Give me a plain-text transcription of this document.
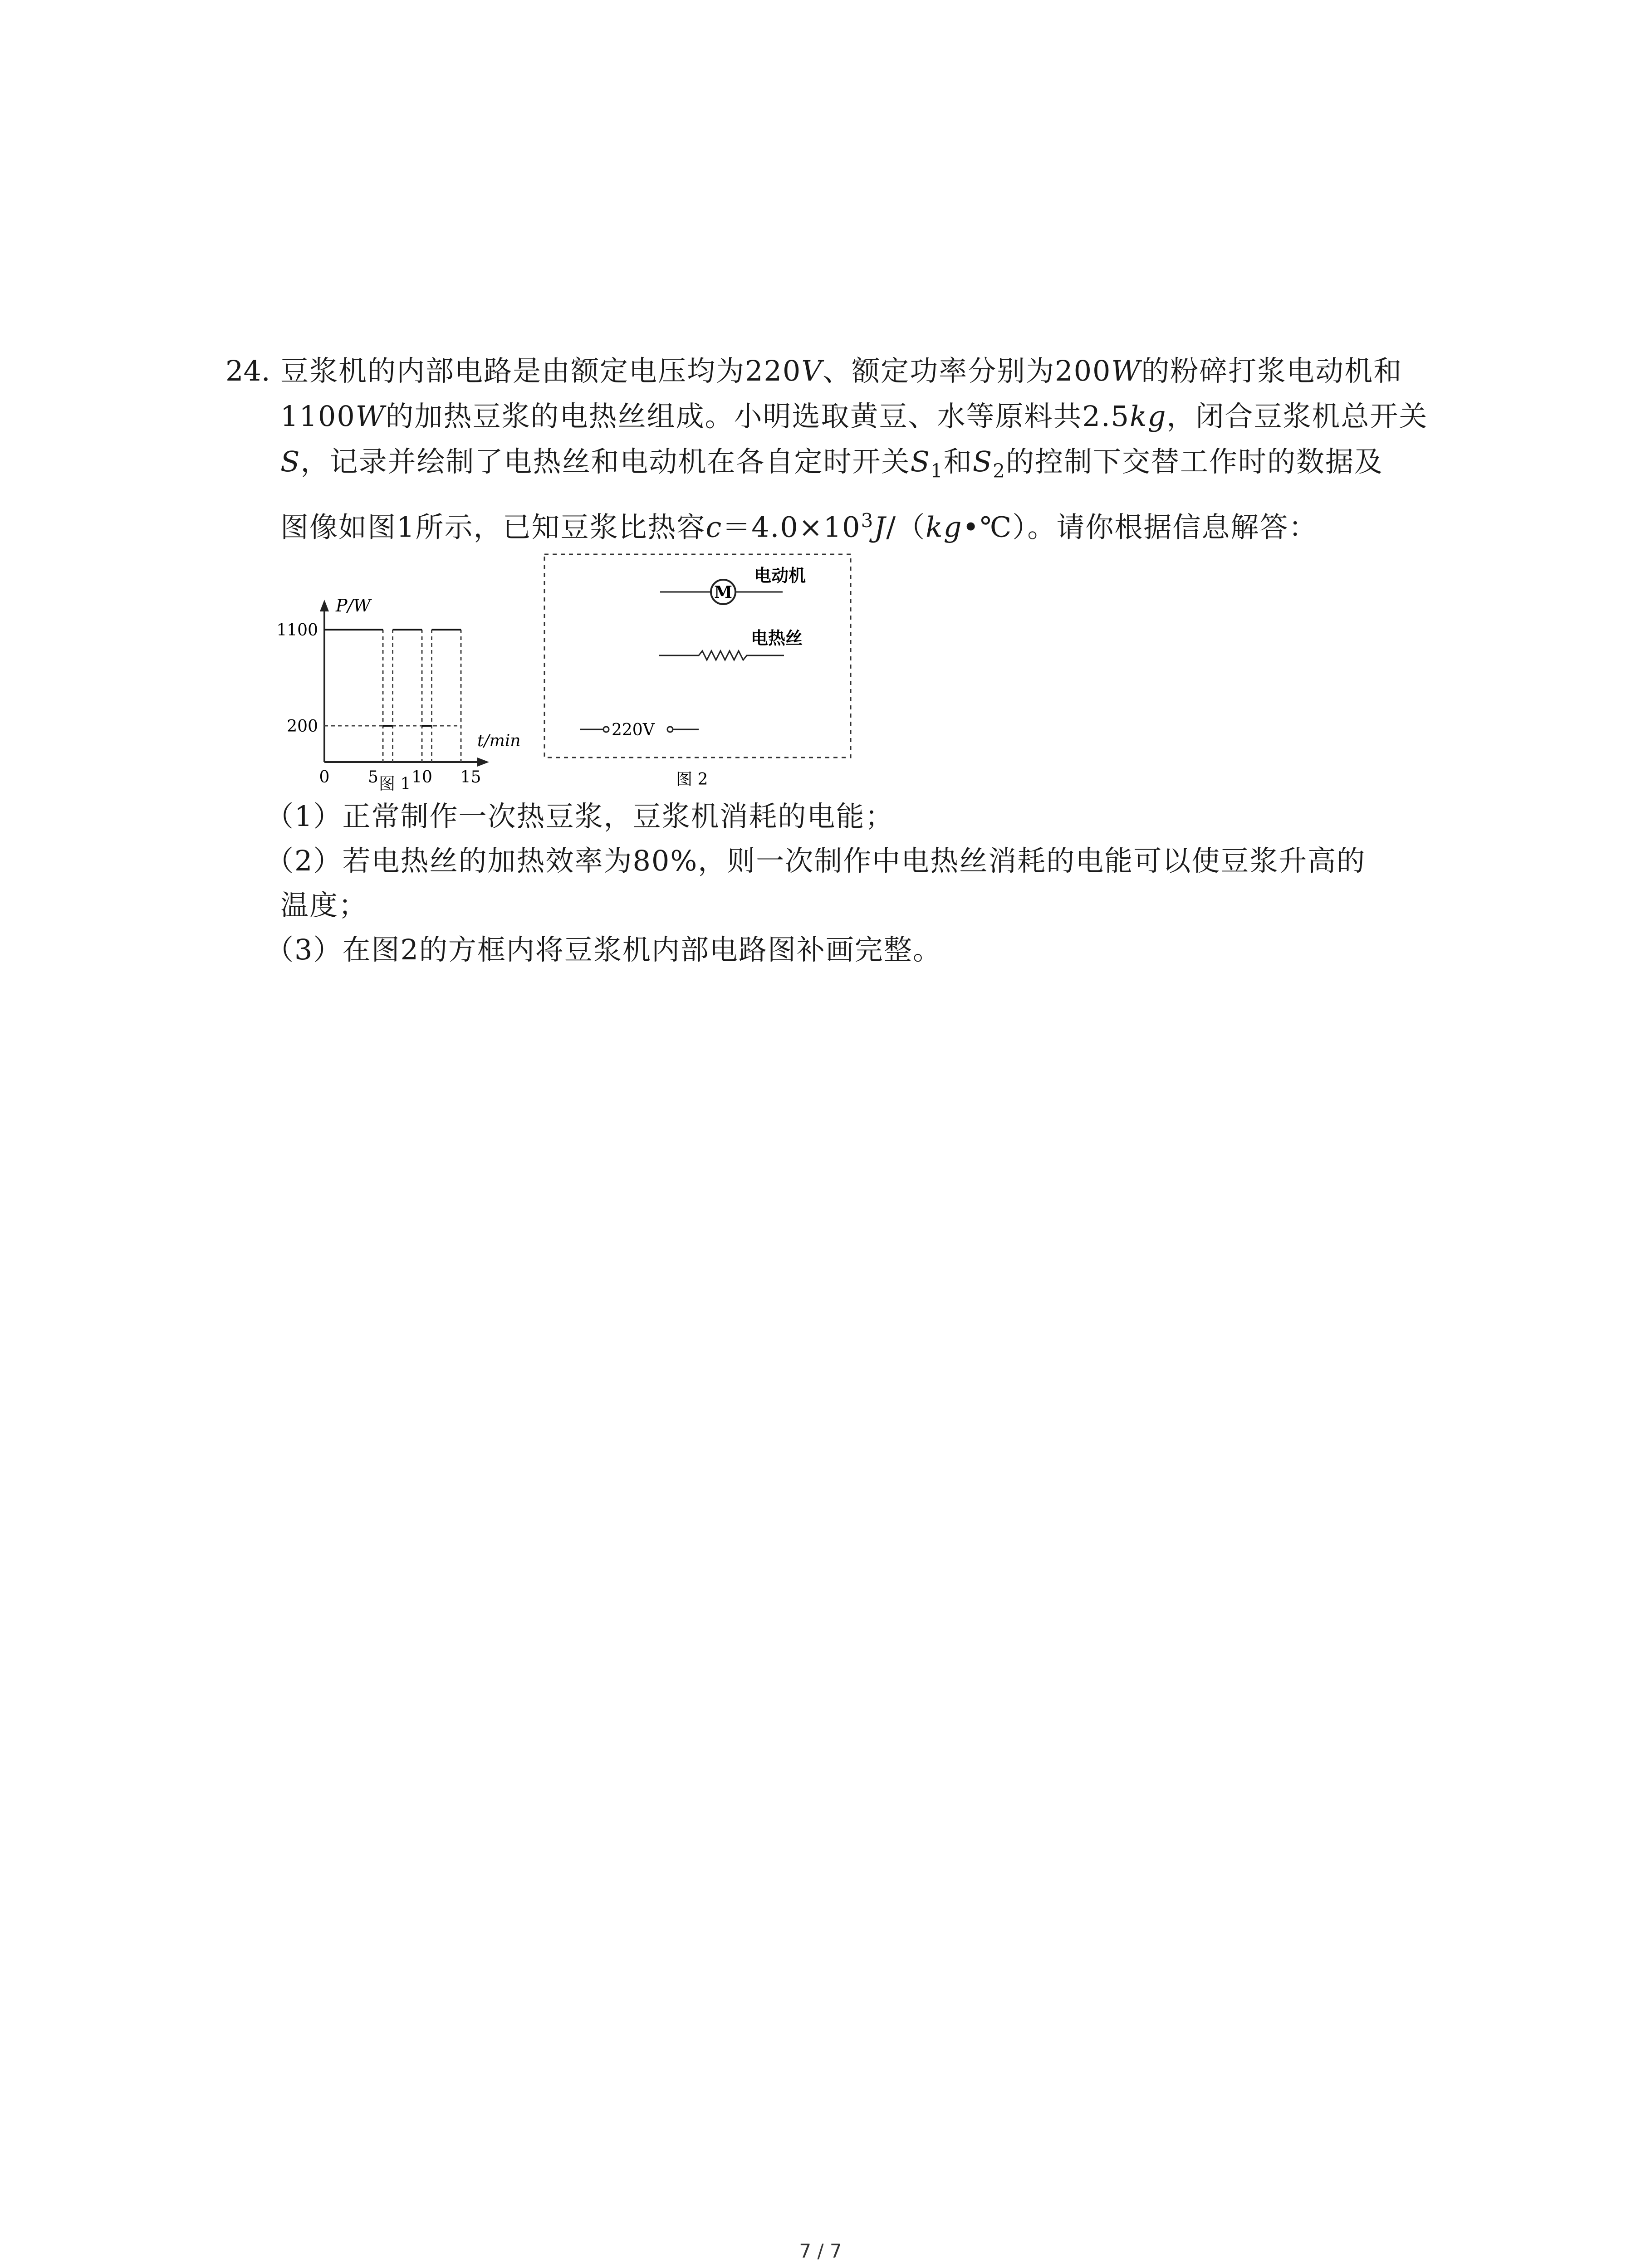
24. 豆浆机的内部电路是由额定电压均为220V、额定功率分别为200W的粉碎打浆电动机和
1100W的加热豆浆的电热丝组成。小明选取黄豆、水等原料共2.5kg，闭合豆浆机总开关
S，记录并绘制了电热丝和电动机在各自定时开关$S_1$和$S_2$的控制下交替工作时的数据及
图像如图1所示，已知豆浆比热容$c=4.0\times 10^3J/(kg•℃)$。请你根据信息解答：
P/W
t/min
1100
200
0 5 10 15
图 1
M
电动机
电热丝
220V
图 2
（1）正常制作一次热豆浆，豆浆机消耗的电能；
（2）若电热丝的加热效率为80%，则一次制作中电热丝消耗的电能可以使豆浆升高的
温度；
（3）在图2的方框内将豆浆机内部电路图补画完整。
7 / 7
